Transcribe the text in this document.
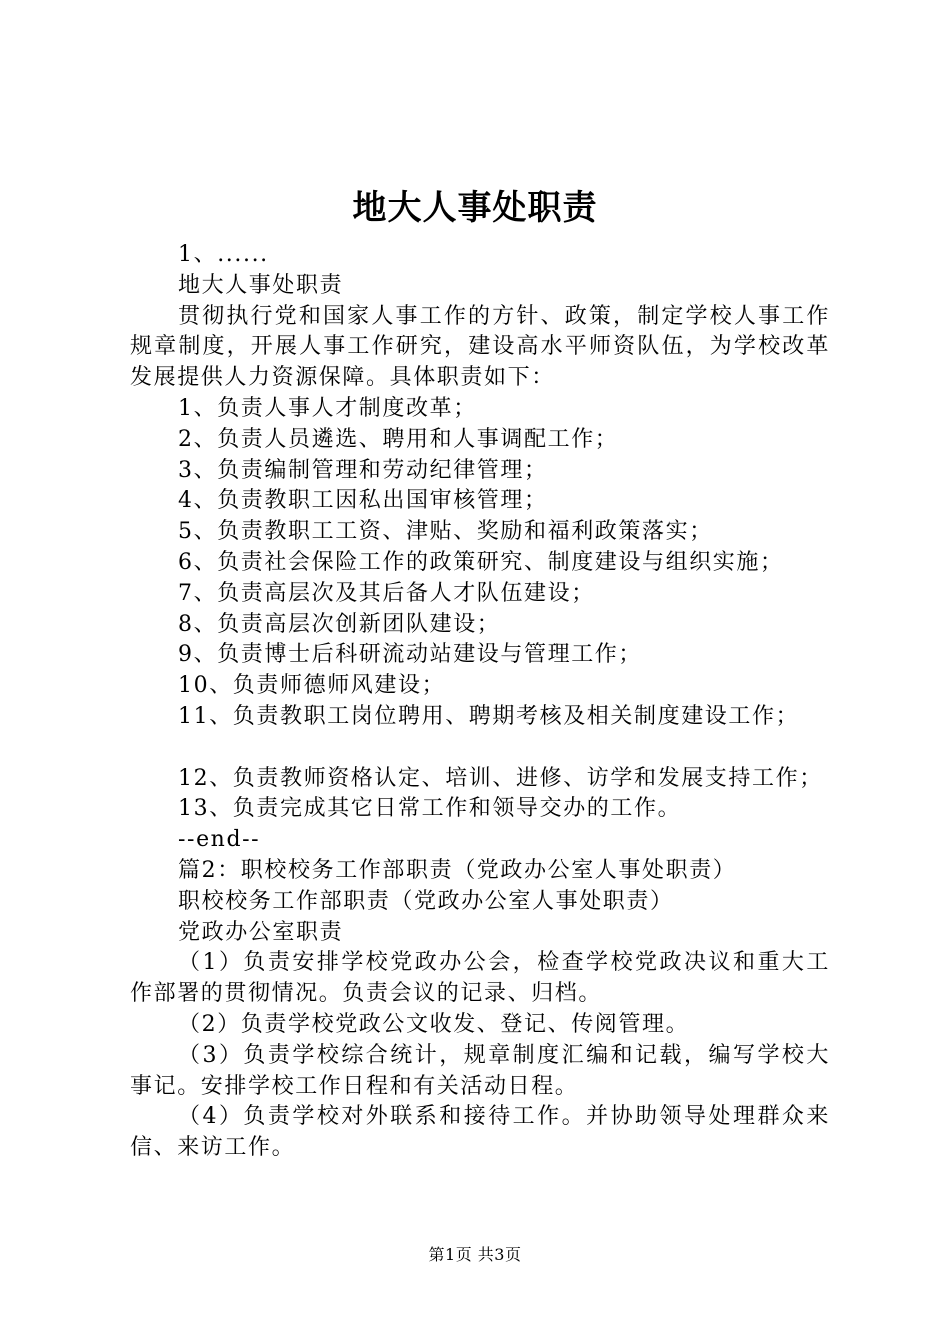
地大人事处职责

1、......

地大人事处职责

贯彻执行党和国家人事工作的方针、政策，制定学校人事工作规章制度，开展人事工作研究，建设高水平师资队伍，为学校改革发展提供人力资源保障。具体职责如下：

1、负责人事人才制度改革；

2、负责人员遴选、聘用和人事调配工作；

3、负责编制管理和劳动纪律管理；

4、负责教职工因私出国审核管理；

5、负责教职工工资、津贴、奖励和福利政策落实；

6、负责社会保险工作的政策研究、制度建设与组织实施；

7、负责高层次及其后备人才队伍建设；

8、负责高层次创新团队建设；

9、负责博士后科研流动站建设与管理工作；

10、负责师德师风建设；

11、负责教职工岗位聘用、聘期考核及相关制度建设工作；

12、负责教师资格认定、培训、进修、访学和发展支持工作；

13、负责完成其它日常工作和领导交办的工作。

--end--

篇2：职校校务工作部职责（党政办公室人事处职责）

职校校务工作部职责（党政办公室人事处职责）

党政办公室职责

（1）负责安排学校党政办公会，检查学校党政决议和重大工作部署的贯彻情况。负责会议的记录、归档。

（2）负责学校党政公文收发、登记、传阅管理。

（3）负责学校综合统计，规章制度汇编和记载，编写学校大事记。安排学校工作日程和有关活动日程。

（4）负责学校对外联系和接待工作。并协助领导处理群众来信、来访工作。

第1页 共3页
